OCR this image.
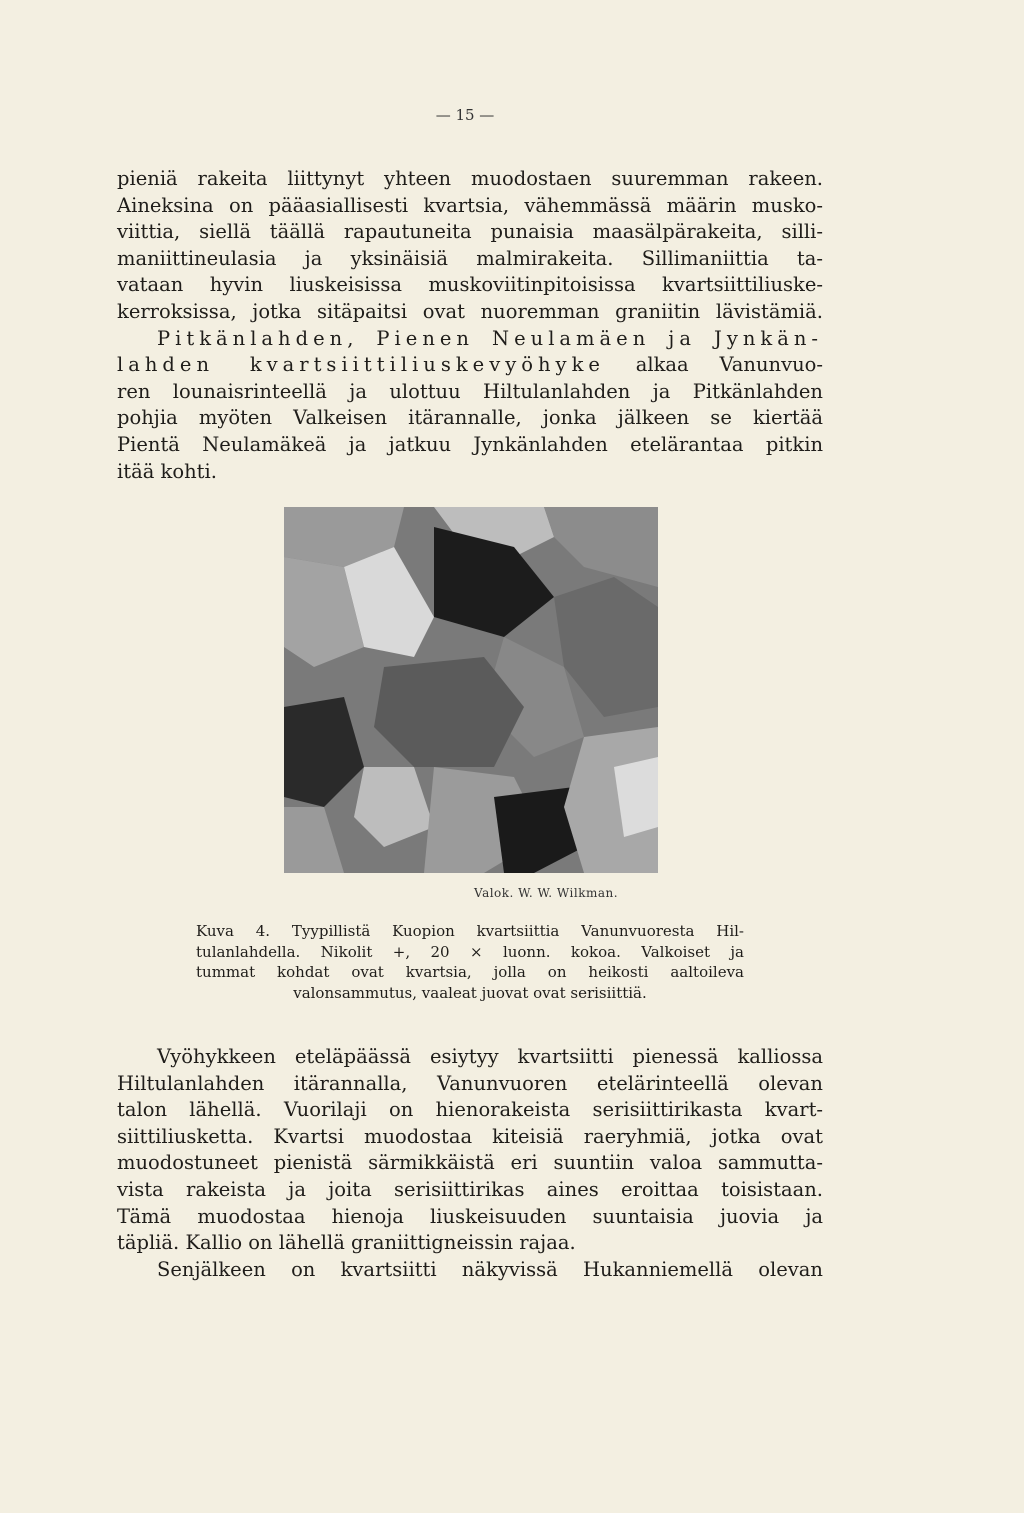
— 15 —
pieniä rakeita liittynyt yhteen muodostaen suuremman rakeen.
Aineksina on pääasiallisesti kvartsia, vähemmässä määrin musko-
viittia, siellä täällä rapautuneita punaisia maasälpärakeita, silli-
maniittineulasia ja yksinäisiä malmirakeita. Sillimaniittia ta-
vataan hyvin liuskeisissa muskoviitinpitoisissa kvartsiittiliuske-
kerroksissa, jotka sitäpaitsi ovat nuoremman graniitin lävistämiä.
Pitkänlahden, Pienen Neulamäen ja Jynkän-
lahden kvartsiittiliuskevyöhyke alkaa Vanunvuo-
ren lounaisrinteellä ja ulottuu Hiltulanlahden ja Pitkänlahden
pohjia myöten Valkeisen itärannalle, jonka jälkeen se kiertää
Pientä Neulamäkeä ja jatkuu Jynkänlahden etelärantaa pitkin
itää kohti.
Valok. W. W. Wilkman.
Kuva 4. Tyypillistä Kuopion kvartsiittia Vanunvuoresta Hil-
tulanlahdella. Nikolit +, 20 × luonn. kokoa. Valkoiset ja
tummat kohdat ovat kvartsia, jolla on heikosti aaltoileva
valonsammutus, vaaleat juovat ovat serisiittiä.
Vyöhykkeen eteläpäässä esiytyy kvartsiitti pienessä kalliossa
Hiltulanlahden itärannalla, Vanunvuoren etelärinteellä olevan
talon lähellä. Vuorilaji on hienorakeista serisiittirikasta kvart-
siittiliusketta. Kvartsi muodostaa kiteisiä raeryhmiä, jotka ovat
muodostuneet pienistä särmikkäistä eri suuntiin valoa sammutta-
vista rakeista ja joita serisiittirikas aines eroittaa toisistaan.
Tämä muodostaa hienoja liuskeisuuden suuntaisia juovia ja
täpliä. Kallio on lähellä graniittigneissin rajaa.
Senjälkeen on kvartsiitti näkyvissä Hukanniemellä olevan
